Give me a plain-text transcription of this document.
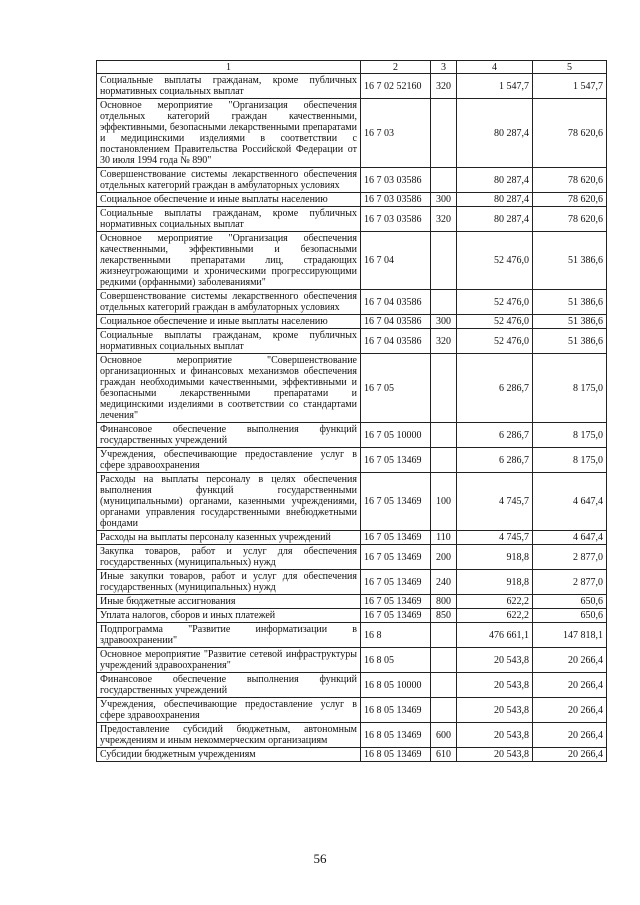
1	2	3	4	5
Социальные выплаты гражданам, кроме публичных нормативных социальных выплат	16 7 02 52160	320	1 547,7	1 547,7
Основное мероприятие "Организация обеспечения отдельных категорий граждан качественными, эффективными, безопасными лекарственными препаратами и медицинскими изделиями в соответствии с постановлением Правительства Российской Федерации от 30 июля 1994 года № 890"	16 7 03		80 287,4	78 620,6
Совершенствование системы лекарственного обеспечения отдельных категорий граждан в амбулаторных условиях	16 7 03 03586		80 287,4	78 620,6
Социальное обеспечение и иные выплаты населению	16 7 03 03586	300	80 287,4	78 620,6
Социальные выплаты гражданам, кроме публичных нормативных социальных выплат	16 7 03 03586	320	80 287,4	78 620,6
Основное мероприятие "Организация обеспечения качественными, эффективными и безопасными лекарственными препаратами лиц, страдающих жизнеугрожающими и хроническими прогрессирующими редкими (орфанными) заболеваниями"	16 7 04		52 476,0	51 386,6
Совершенствование системы лекарственного обеспечения отдельных категорий граждан в амбулаторных условиях	16 7 04 03586		52 476,0	51 386,6
Социальное обеспечение и иные выплаты населению	16 7 04 03586	300	52 476,0	51 386,6
Социальные выплаты гражданам, кроме публичных нормативных социальных выплат	16 7 04 03586	320	52 476,0	51 386,6
Основное мероприятие "Совершенствование организационных и финансовых механизмов обеспечения граждан необходимыми качественными, эффективными и безопасными лекарственными препаратами и медицинскими изделиями в соответствии со стандартами лечения"	16 7 05		6 286,7	8 175,0
Финансовое обеспечение выполнения функций государственных учреждений	16 7 05 10000		6 286,7	8 175,0
Учреждения, обеспечивающие предоставление услуг в сфере здравоохранения	16 7 05 13469		6 286,7	8 175,0
Расходы на выплаты персоналу в целях обеспечения выполнения функций государственными (муниципальными) органами, казенными учреждениями, органами управления государственными внебюджетными фондами	16 7 05 13469	100	4 745,7	4 647,4
Расходы на выплаты персоналу казенных учреждений	16 7 05 13469	110	4 745,7	4 647,4
Закупка товаров, работ и услуг для обеспечения государственных (муниципальных) нужд	16 7 05 13469	200	918,8	2 877,0
Иные закупки товаров, работ и услуг для обеспечения государственных (муниципальных) нужд	16 7 05 13469	240	918,8	2 877,0
Иные бюджетные ассигнования	16 7 05 13469	800	622,2	650,6
Уплата налогов, сборов и иных платежей	16 7 05 13469	850	622,2	650,6
Подпрограмма "Развитие информатизации в здравоохранении"	16 8		476 661,1	147 818,1
Основное мероприятие "Развитие сетевой инфраструктуры учреждений здравоохранения"	16 8 05		20 543,8	20 266,4
Финансовое обеспечение выполнения функций государственных учреждений	16 8 05 10000		20 543,8	20 266,4
Учреждения, обеспечивающие предоставление услуг в сфере здравоохранения	16 8 05 13469		20 543,8	20 266,4
Предоставление субсидий бюджетным, автономным учреждениям и иным некоммерческим организациям	16 8 05 13469	600	20 543,8	20 266,4
Субсидии бюджетным учреждениям	16 8 05 13469	610	20 543,8	20 266,4
56
